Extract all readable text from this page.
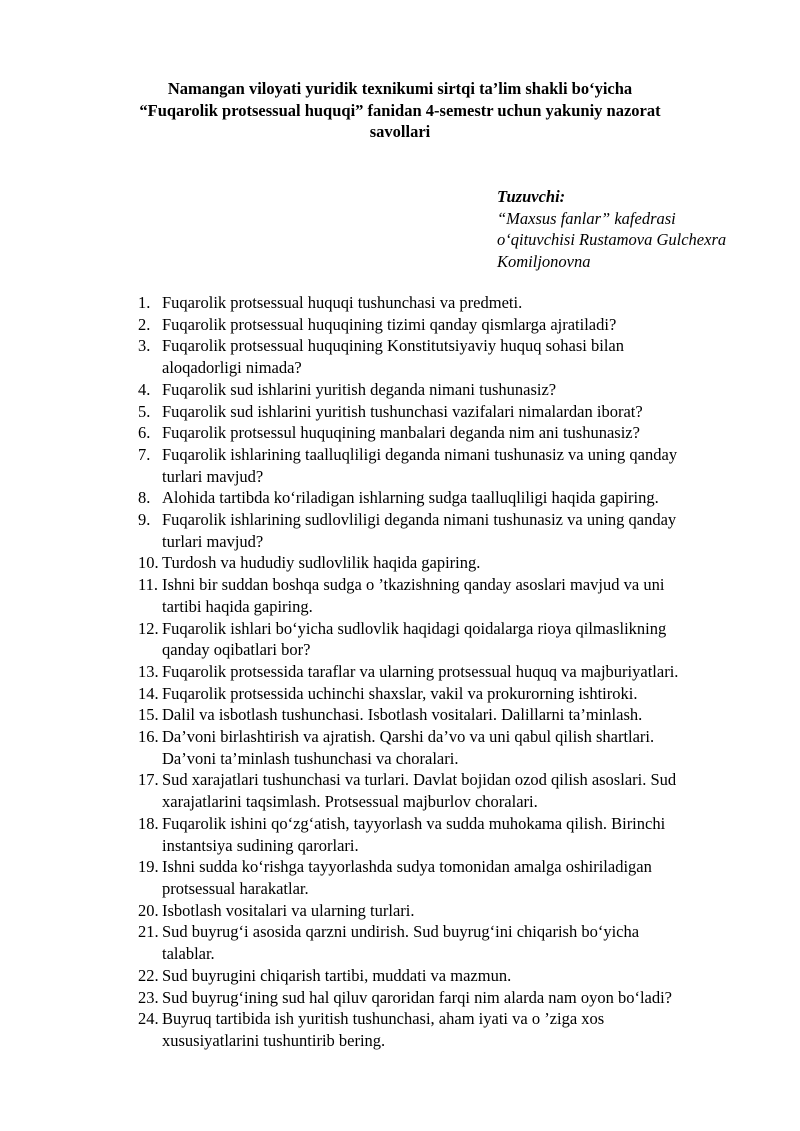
Namangan viloyati yuridik texnikumi sirtqi ta’lim shakli bo‘yicha
“Fuqarolik protsessual huquqi” fanidan 4-semestr uchun yakuniy nazorat
savollari
Tuzuvchi:
“Maxsus fanlar” kafedrasi
o‘qituvchisi Rustamova Gulchexra
Komiljonovna
1. Fuqarolik protsessual huquqi tushunchasi va predmeti.
2. Fuqarolik protsessual huquqining tizimi qanday qismlarga ajratiladi?
3. Fuqarolik protsessual huquqining Konstitutsiyaviy huquq sohasi bilan
aloqadorligi nimada?
4. Fuqarolik sud ishlarini yuritish deganda nimani tushunasiz?
5. Fuqarolik sud ishlarini yuritish tushunchasi vazifalari nimalardan iborat?
6. Fuqarolik protsessul huquqining manbalari deganda nim ani tushunasiz?
7. Fuqarolik ishlarining taalluqliligi deganda nimani tushunasiz va uning qanday
turlari mavjud?
8. Alohida tartibda ko‘riladigan ishlarning sudga taalluqliligi haqida gapiring.
9. Fuqarolik ishlarining sudlovliligi deganda nimani tushunasiz va uning qanday
turlari mavjud?
10. Turdosh va hududiy sudlovlilik haqida gapiring.
11. Ishni bir suddan boshqa sudga o ’tkazishning qanday asoslari mavjud va uni
tartibi haqida gapiring.
12. Fuqarolik ishlari bo‘yicha sudlovlik haqidagi qoidalarga rioya qilmaslikning
qanday oqibatlari bor?
13. Fuqarolik protsessida taraflar va ularning protsessual huquq va majburiyatlari.
14. Fuqarolik protsessida uchinchi shaxslar, vakil va prokurorning ishtiroki.
15. Dalil va isbotlash tushunchasi. Isbotlash vositalari. Dalillarni ta’minlash.
16. Da’voni birlashtirish va ajratish. Qarshi da’vo va uni qabul qilish shartlari.
Da’voni ta’minlash tushunchasi va choralari.
17. Sud xarajatlari tushunchasi va turlari. Davlat bojidan ozod qilish asoslari. Sud
xarajatlarini taqsimlash. Protsessual majburlov choralari.
18. Fuqarolik ishini qo‘zg‘atish, tayyorlash va sudda muhokama qilish. Birinchi
instantsiya sudining qarorlari.
19. Ishni sudda ko‘rishga tayyorlashda sudya tomonidan amalga oshiriladigan
protsessual harakatlar.
20. Isbotlash vositalari va ularning turlari.
21. Sud buyrug‘i asosida qarzni undirish. Sud buyrug‘ini chiqarish bo‘yicha
talablar.
22. Sud buyrugini chiqarish tartibi, muddati va mazmun.
23. Sud buyrug‘ining sud hal qiluv qaroridan farqi nim alarda nam oyon bo‘ladi?
24. Buyruq tartibida ish yuritish tushunchasi, aham iyati va o ’ziga xos
xususiyatlarini tushuntirib bering.
